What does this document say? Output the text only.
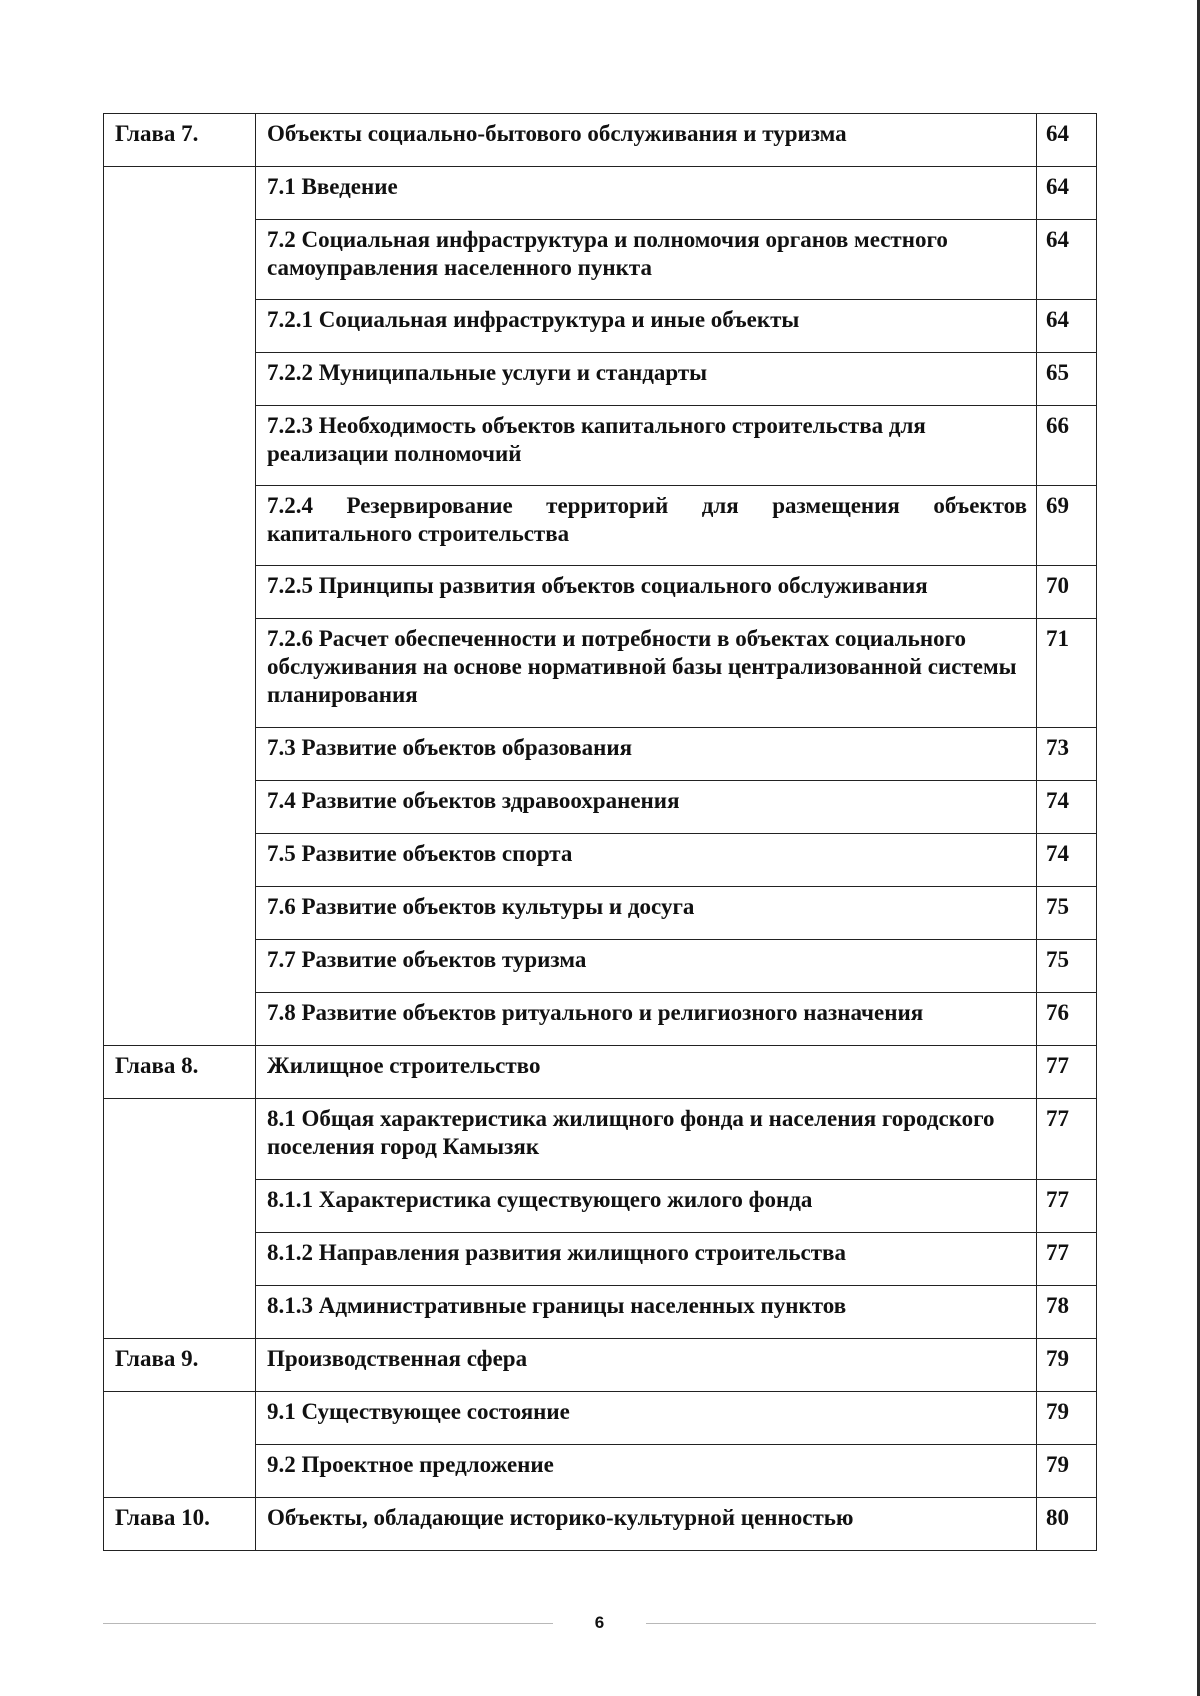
Глава 7.	Объекты социально-бытового обслуживания и туризма	64
	7.1 Введение	64
	7.2 Социальная инфраструктура и полномочия органов местного самоуправления населенного пункта	64
	7.2.1 Социальная инфраструктура и иные объекты	64
	7.2.2 Муниципальные услуги и стандарты	65
	7.2.3 Необходимость объектов капитального строительства для реализации полномочий	66
	7.2.4 Резервирование территорий для размещения объектов капитального строительства	69
	7.2.5 Принципы развития объектов социального обслуживания	70
	7.2.6 Расчет обеспеченности и потребности в объектах социального обслуживания на основе нормативной базы централизованной системы планирования	71
	7.3 Развитие объектов образования	73
	7.4 Развитие объектов здравоохранения	74
	7.5 Развитие объектов спорта	74
	7.6 Развитие объектов культуры и досуга	75
	7.7 Развитие объектов туризма	75
	7.8 Развитие объектов ритуального и религиозного назначения	76
Глава 8.	Жилищное строительство	77
	8.1 Общая характеристика жилищного фонда и населения городского поселения город Камызяк	77
	8.1.1 Характеристика существующего жилого фонда	77
	8.1.2 Направления развития жилищного строительства	77
	8.1.3 Административные границы населенных пунктов	78
Глава 9.	Производственная сфера	79
	9.1 Существующее состояние	79
	9.2 Проектное предложение	79
Глава 10.	Объекты, обладающие историко-культурной ценностью	80
6
